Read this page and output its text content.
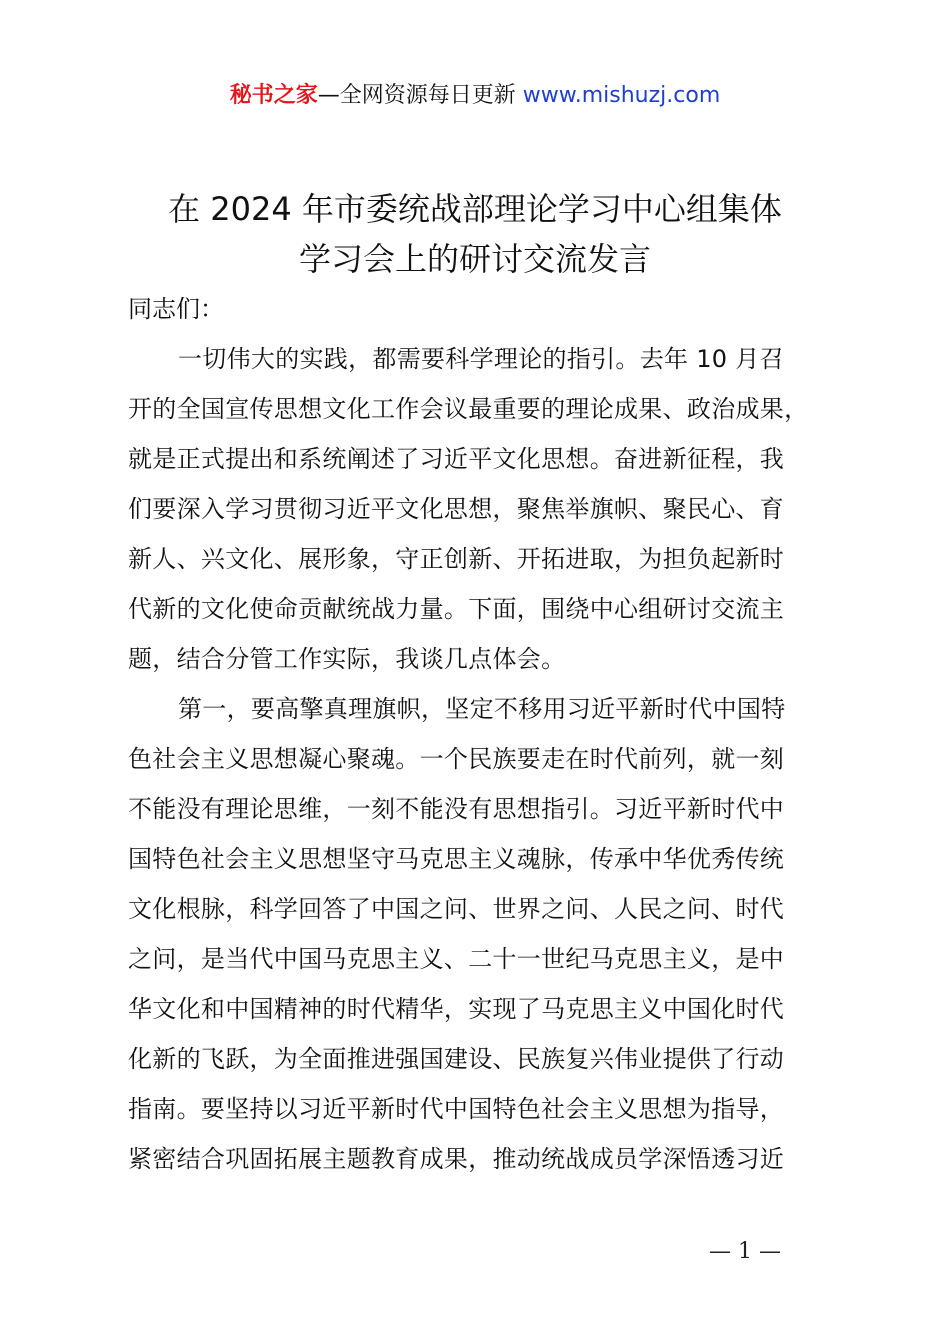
秘书之家—全网资源每日更新 www.mishuzj.com
在 2024 年市委统战部理论学习中心组集体
学习会上的研讨交流发言
同志们：
一切伟大的实践，都需要科学理论的指引。去年 10 月召
开的全国宣传思想文化工作会议最重要的理论成果、政治成果，
就是正式提出和系统阐述了习近平文化思想。奋进新征程，我
们要深入学习贯彻习近平文化思想，聚焦举旗帜、聚民心、育
新人、兴文化、展形象，守正创新、开拓进取，为担负起新时
代新的文化使命贡献统战力量。下面，围绕中心组研讨交流主
题，结合分管工作实际，我谈几点体会。
第一，要高擎真理旗帜，坚定不移用习近平新时代中国特
色社会主义思想凝心聚魂。一个民族要走在时代前列，就一刻
不能没有理论思维，一刻不能没有思想指引。习近平新时代中
国特色社会主义思想坚守马克思主义魂脉，传承中华优秀传统
文化根脉，科学回答了中国之问、世界之问、人民之问、时代
之问，是当代中国马克思主义、二十一世纪马克思主义，是中
华文化和中国精神的时代精华，实现了马克思主义中国化时代
化新的飞跃，为全面推进强国建设、民族复兴伟业提供了行动
指南。要坚持以习近平新时代中国特色社会主义思想为指导，
紧密结合巩固拓展主题教育成果，推动统战成员学深悟透习近
— 1 —
